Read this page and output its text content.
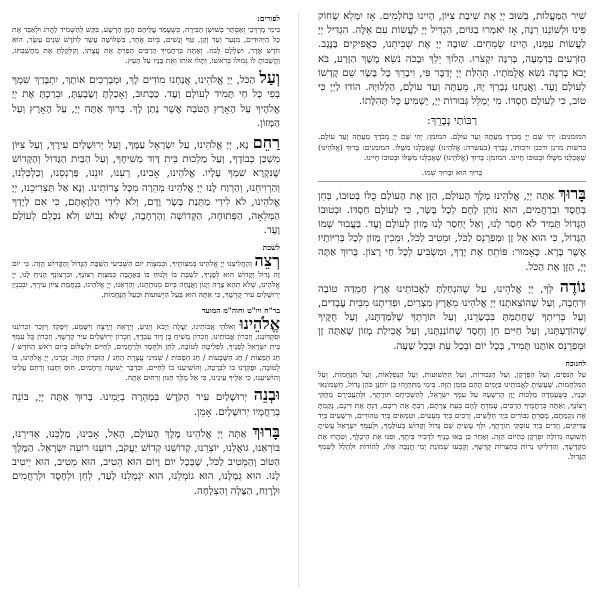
שִׁיר הַמַּעֲלוֹת, בְּשׁוּב יְיָ אֶת שִׁיבַת צִיּוֹן, הָיִינוּ כְּחֹלְמִים. אָז יִמָּלֵא שְׂחוֹק פִּינוּ וּלְשׁוֹנֵנוּ רִנָּה, אָז יֹאמְרוּ בַגּוֹיִם, הִגְדִּיל יְיָ לַעֲשׂוֹת עִם אֵלֶּה. הִגְדִּיל יְיָ לַעֲשׂוֹת עִמָּנוּ, הָיִינוּ שְׂמֵחִים. שׁוּבָה יְיָ אֶת שְׁבִיתֵנוּ, כַּאֲפִיקִים בַּנֶּגֶב. הַזֹּרְעִים בְּדִמְעָה, בְּרִנָּה יִקְצֹרוּ. הָלוֹךְ יֵלֵךְ וּבָכֹה נֹשֵׂא מֶשֶׁךְ הַזָּרַע, בֹּא יָבֹא בְרִנָּה נֹשֵׂא אֲלֻמֹּתָיו. תְּהִלַּת יְיָ יְדַבֶּר פִּי, וִיבָרֵךְ כָּל בָּשָׂר שֵׁם קָדְשׁוֹ לְעוֹלָם וָעֶד. וַאֲנַחְנוּ נְבָרֵךְ יָהּ, מֵעַתָּה וְעַד עוֹלָם, הַלְלוּיָהּ. הוֹדוּ לַיְיָ כִּי טוֹב, כִּי לְעוֹלָם חַסְדּוֹ. מִי יְמַלֵּל גְּבוּרוֹת יְיָ, יַשְׁמִיעַ כָּל תְּהִלָּתוֹ.

רַבּוֹתַי נְבָרֵךְ:

המזמנים: יְהִי שֵׁם יְיָ מְבֹרָךְ מֵעַתָּה וְעַד עוֹלָם. המזמן: יְהִי שֵׁם יְיָ מְבֹרָךְ מֵעַתָּה וְעַד עוֹלָם. ברשות מרנן ורבנן ורבותי, נְבָרֵךְ (בעשרה: אֱלֹהֵינוּ) שֶׁאָכַלְנוּ מִשֶּׁלּוֹ. המזמנים: בָּרוּךְ (אֱלֹהֵינוּ) שֶׁאָכַלְנוּ מִשֶּׁלּוֹ וּבְטוּבוֹ חָיִינוּ. המזמן: בָּרוּךְ (אֱלֹהֵינוּ) שֶׁאָכַלְנוּ מִשֶּׁלּוֹ וּבְטוּבוֹ חָיִינוּ.

בָּרוּךְ הוּא וּבָרוּךְ שְׁמוֹ.

בָּרוּךְ אַתָּה יְיָ, אֱלֹהֵינוּ מֶלֶךְ הָעוֹלָם, הַזָּן אֶת הָעוֹלָם כֻּלּוֹ בְּטוּבוֹ, בְּחֵן בְּחֶסֶד וּבְרַחֲמִים, הוּא נוֹתֵן לֶחֶם לְכָל בָּשָׂר, כִּי לְעוֹלָם חַסְדּוֹ. וּבְטוּבוֹ הַגָּדוֹל תָּמִיד לֹא חָסַר לָנוּ, וְאַל יֶחְסַר לָנוּ מָזוֹן לְעוֹלָם וָעֶד. בַּעֲבוּר שְׁמוֹ הַגָּדוֹל, כִּי הוּא אֵל זָן וּמְפַרְנֵס לַכֹּל, וּמֵטִיב לַכֹּל, וּמֵכִין מָזוֹן לְכָל בְּרִיּוֹתָיו אֲשֶׁר בָּרָא. כָּאָמוּר: פּוֹתֵחַ אֶת יָדֶךָ, וּמַשְׂבִּיעַ לְכָל חַי רָצוֹן. בָּרוּךְ אַתָּה יְיָ, הַזָּן אֶת הַכֹּל.

נוֹדֶה לְּךָ, יְיָ אֱלֹהֵינוּ, עַל שֶׁהִנְחַלְתָּ לַאֲבוֹתֵינוּ אֶרֶץ חֶמְדָּה טוֹבָה וּרְחָבָה, וְעַל שֶׁהוֹצֵאתָנוּ יְיָ אֱלֹהֵינוּ מֵאֶרֶץ מִצְרַיִם, וּפְדִיתָנוּ מִבֵּית עֲבָדִים, וְעַל בְּרִיתְךָ שֶׁחָתַמְתָּ בִּבְשָׂרֵנוּ, וְעַל תּוֹרָתְךָ שֶׁלִּמַּדְתָּנוּ, וְעַל חֻקֶּיךָ שֶׁהוֹדַעְתָּנוּ, וְעַל חַיִּים חֵן וָחֶסֶד שֶׁחוֹנַנְתָּנוּ, וְעַל אֲכִילַת מָזוֹן שָׁאַתָּה זָן וּמְפַרְנֵס אוֹתָנוּ תָּמִיד, בְּכָל יוֹם וּבְכָל עֵת וּבְכָל שָׁעָה.

לחנוכה

עַל הַנִּסִּים, וְעַל הַפֻּרְקָן, וְעַל הַגְּבוּרוֹת, וְעַל הַתְּשׁוּעוֹת, וְעַל הַנִּפְלָאוֹת, וְעַל הַנֶּחָמוֹת, וְעַל הַמִּלְחָמוֹת, שֶׁעָשִׂיתָ לַאֲבוֹתֵינוּ בַּיָּמִים הָהֵם בַּזְּמַן הַזֶּה. בִּימֵי מַתִּתְיָהוּ בֶּן יוֹחָנָן כֹּהֵן גָּדוֹל, חַשְׁמוֹנַאי וּבָנָיו, כְּשֶׁעָמְדָה מַלְכוּת יָוָן הָרְשָׁעָה עַל עַמְּךָ יִשְׂרָאֵל, לְהַשְׁכִּיחָם תּוֹרָתֶךָ, וּלְהַעֲבִירָם מֵחֻקֵּי רְצוֹנֶךָ, וְאַתָּה בְּרַחֲמֶיךָ הָרַבִּים, עָמַדְתָּ לָהֶם בְּעֵת צָרָתָם, רַבְתָּ אֶת רִיבָם, דַּנְתָּ אֶת דִּינָם, נָקַמְתָּ אֶת נִקְמָתָם, מָסַרְתָּ גִבּוֹרִים בְּיַד חַלָּשִׁים, וְרַבִּים בְּיַד מְעַטִּים, וּטְמֵאִים בְּיַד טְהוֹרִים, וּרְשָׁעִים בְּיַד צַדִּיקִים, וְזֵדִים בְּיַד עוֹסְקֵי תוֹרָתֶךָ, וּלְךָ עָשִׂיתָ שֵׁם גָּדוֹל וְקָדוֹשׁ בְּעוֹלָמֶךָ, וּלְעַמְּךָ יִשְׂרָאֵל עָשִׂיתָ תְּשׁוּעָה גְדוֹלָה וּפֻרְקָן כְּהַיּוֹם הַזֶּה. וְאַחַר כֵּן בָּאוּ בָנֶיךָ לִדְבִיר בֵּיתֶךָ, וּפִנּוּ אֶת הֵיכָלֶךָ, וְטִהֲרוּ אֶת מִקְדָּשֶׁךָ, וְהִדְלִיקוּ נֵרוֹת בְּחַצְרוֹת קָדְשֶׁךָ, וְקָבְעוּ שְׁמוֹנַת יְמֵי חֲנֻכָּה אֵלּוּ, לְהוֹדוֹת וּלְהַלֵּל לְשִׁמְךָ הַגָּדוֹל.

לפורים:

בִּימֵי מָרְדְּכַי וְאֶסְתֵּר בְּשׁוּשַׁן הַבִּירָה, כְּשֶׁעָמַד עֲלֵיהֶם הָמָן הָרָשָׁע, בִּקֵּשׁ לְהַשְׁמִיד לַהֲרֹג וּלְאַבֵּד אֶת כָּל הַיְּהוּדִים, מִנַּעַר וְעַד זָקֵן, טַף וְנָשִׁים, בְּיוֹם אֶחָד, בִּשְׁלוֹשָׁה עָשָׂר לְחֹדֶשׁ שְׁנֵים עָשָׂר, הוּא חֹדֶשׁ אֲדָר, וּשְׁלָלָם לָבוֹז. וְאַתָּה בְּרַחֲמֶיךָ הָרַבִּים הֵפַרְתָּ אֶת עֲצָתוֹ, וְקִלְקַלְתָּ אֶת מַחֲשַׁבְתּוֹ, וַהֲשֵׁבוֹתָ לּוֹ גְּמוּלוֹ בְּרֹאשׁוֹ, וְתָלוּ אוֹתוֹ וְאֶת בָּנָיו עַל הָעֵץ.

וְעַל הַכֹּל, יְיָ אֱלֹהֵינוּ, אֲנַחְנוּ מוֹדִים לָךְ, וּמְבָרְכִים אוֹתָךְ, יִתְבָּרַךְ שִׁמְךָ בְּפִי כָּל חַי תָּמִיד לְעוֹלָם וָעֶד. כַּכָּתוּב, וְאָכַלְתָּ וְשָׂבָעְתָּ, וּבֵרַכְתָּ אֶת יְיָ אֱלֹהֶיךָ עַל הָאָרֶץ הַטֹּבָה אֲשֶׁר נָתַן לָךְ. בָּרוּךְ אַתָּה יְיָ, עַל הָאָרֶץ וְעַל הַמָּזוֹן.

רַחֵם נָא, יְיָ אֱלֹהֵינוּ, עַל יִשְׂרָאֵל עַמֶּךָ, וְעַל יְרוּשָׁלַיִם עִירֶךָ, וְעַל צִיּוֹן מִשְׁכַּן כְּבוֹדֶךָ, וְעַל מַלְכוּת בֵּית דָּוִד מְשִׁיחֶךָ, וְעַל הַבַּיִת הַגָּדוֹל וְהַקָּדוֹשׁ שֶׁנִּקְרָא שִׁמְךָ עָלָיו. אֱלֹהֵינוּ, אָבִינוּ, רְעֵנוּ, זוּנֵנוּ, פַּרְנְסֵנוּ, וְכַלְכְּלֵנוּ, וְהַרְוִיחֵנוּ, וְהַרְוַח לָנוּ יְיָ אֱלֹהֵינוּ מְהֵרָה מִכָּל צָרוֹתֵינוּ. וְנָא אַל תַּצְרִיכֵנוּ, יְיָ אֱלֹהֵינוּ, לֹא לִידֵי מַתְּנַת בָּשָׂר וָדָם, וְלֹא לִידֵי הַלְוָאָתָם, כִּי אִם לְיָדְךָ הַמְּלֵאָה, הַפְּתוּחָה, הַקְּדוֹשָׁה וְהָרְחָבָה, שֶׁלֹּא נֵבוֹשׁ וְלֹא נִכָּלֵם לְעוֹלָם וָעֶד.

לשבת

רְצֵה וְהַחֲלִיצֵנוּ יְיָ אֱלֹהֵינוּ בְּמִצְוֹתֶיךָ, וּבְמִצְוַת יוֹם הַשְּׁבִיעִי הַשַּׁבָּת הַגָּדוֹל וְהַקָּדוֹשׁ הַזֶּה. כִּי יוֹם זֶה גָּדוֹל וְקָדוֹשׁ הוּא לְפָנֶיךָ, לִשְׁבָּת בּוֹ וְלָנוּחַ בּוֹ בְּאַהֲבָה כְּמִצְוַת רְצוֹנֶךָ, וּבִרְצוֹנְךָ הָנִיחַ לָנוּ, יְיָ אֱלֹהֵינוּ, שֶׁלֹּא תְהֵא צָרָה וְיָגוֹן וַאֲנָחָה בְּיוֹם מְנוּחָתֵנוּ, וְהַרְאֵנוּ, יְיָ אֱלֹהֵינוּ, בְּנֶחָמַת צִיּוֹן עִירֶךָ, וּבְבִנְיַן יְרוּשָׁלַיִם עִיר קָדְשֶׁךָ, כִּי אַתָּה הוּא בַּעַל הַיְשׁוּעוֹת וּבַעַל הַנֶּחָמוֹת.

בר"ח ויו"ט וחוה"מ המועד

אֱלֹהֵינוּ וֵאלֹהֵי אֲבוֹתֵינוּ, יַעֲלֶה וְיָבֹא וְיַגִּיעַ, וְיֵרָאֶה וְיֵרָצֶה וְיִשָּׁמַע, וְיִפָּקֵד וְיִזָּכֵר זִכְרוֹנֵנוּ וּפִקְדּוֹנֵנוּ, וְזִכְרוֹן אֲבוֹתֵינוּ, וְזִכְרוֹן מָשִׁיחַ בֶּן דָּוִד עַבְדֶּךָ, וְזִכְרוֹן יְרוּשָׁלַיִם עִיר קָדְשֶׁךָ, וְזִכְרוֹן כָּל עַמְּךָ בֵּית יִשְׂרָאֵל לְפָנֶיךָ, לִפְלֵיטָה לְטוֹבָה, לְחֵן וּלְחֶסֶד וּלְרַחֲמִים, לְחַיִּים וּלְשָׁלוֹם בְּיוֹם רֹאשׁ הַחֹדֶשׁ / חַג הַמַּצּוֹת / חַג הַשָּׁבֻעוֹת / חַג הַסֻּכּוֹת / שְׁמִינִי עֲצֶרֶת הַחַג / הַזִּכָּרוֹן הַזֶּה. זָכְרֵנוּ, יְיָ אֱלֹהֵינוּ, בּוֹ לְטוֹבָה, וּפָקְדֵנוּ בוֹ לִבְרָכָה, וְהוֹשִׁיעֵנוּ בוֹ לְחַיִּים. וּבִדְבַר יְשׁוּעָה וְרַחֲמִים, חוּס וְחָנֵּנוּ וְרַחֵם עָלֵינוּ וְהוֹשִׁיעֵנוּ, כִּי אֵלֶיךָ עֵינֵינוּ, כִּי אֵל מֶלֶךְ חַנּוּן וְרַחוּם אָתָּה.

וּבְנֵה יְרוּשָׁלַיִם עִיר הַקֹּדֶשׁ בִּמְהֵרָה בְיָמֵינוּ. בָּרוּךְ אַתָּה יְיָ, בּוֹנֵה בְרַחֲמָיו יְרוּשָׁלָיִם. אָמֵן.

בָּרוּךְ אַתָּה יְיָ אֱלֹהֵינוּ מֶלֶךְ הָעוֹלָם, הָאֵל, אָבִינוּ, מַלְכֵּנוּ, אַדִּירֵנוּ, בּוֹרְאֵנוּ, גּוֹאֲלֵנוּ, יוֹצְרֵנוּ, קְדוֹשֵׁנוּ קְדוֹשׁ יַעֲקֹב, רוֹעֵנוּ רוֹעֵה יִשְׂרָאֵל. הַמֶּלֶךְ הַטּוֹב וְהַמֵּטִיב לַכֹּל, שֶׁבְּכָל יוֹם וָיוֹם הוּא הֵטִיב, הוּא מֵטִיב, הוּא יֵיטִיב לָנוּ. הוּא גְמָלָנוּ, הוּא גוֹמְלֵנוּ, הוּא יִגְמְלֵנוּ לָעַד, לְחֵן וּלְחֶסֶד וּלְרַחֲמִים וּלְרֶוַח, הַצָּלָה וְהַצְלָחָה.
